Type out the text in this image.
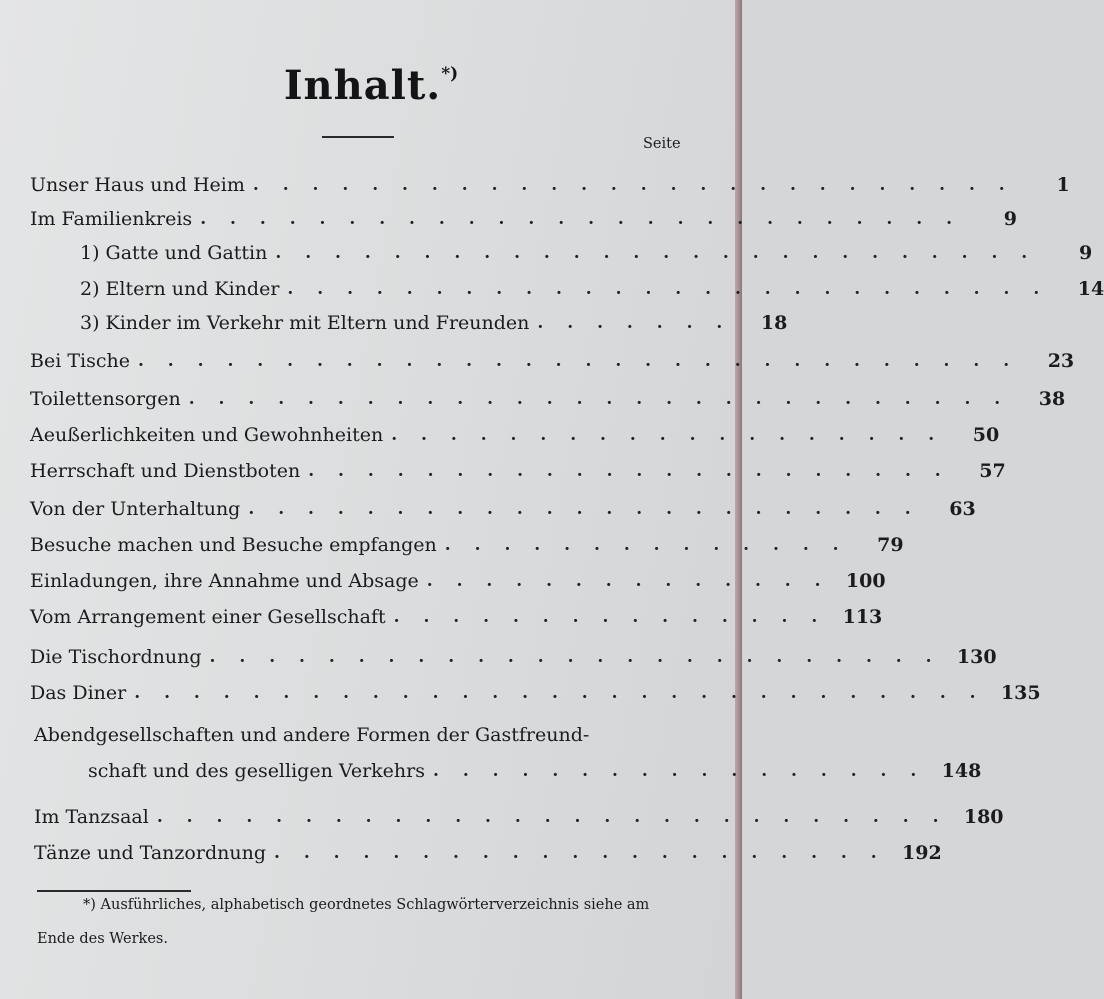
Inhalt.*)
Seite
Unser Haus und Heim . . . . . . . . . . . . . . . . . . . . . . . . . .	1
Im Familienkreis . . . . . . . . . . . . . . . . . . . . . . . . . .	9
1) Gatte und Gattin . . . . . . . . . . . . . . . . . . . . . . . . . .	9
2) Eltern und Kinder . . . . . . . . . . . . . . . . . . . . . . . . . .	14
3) Kinder im Verkehr mit Eltern und Freunden . . . . . . .	18
Bei Tische . . . . . . . . . . . . . . . . . . . . . . . . . . . . . .	23
Toilettensorgen . . . . . . . . . . . . . . . . . . . . . . . . . . . .	38
Aeußerlichkeiten und Gewohnheiten . . . . . . . . . . . . . . . . . . .	50
Herrschaft und Dienstboten . . . . . . . . . . . . . . . . . . . . . .	57
Von der Unterhaltung . . . . . . . . . . . . . . . . . . . . . . .	63
Besuche machen und Besuche empfangen . . . . . . . . . . . . . .	79
Einladungen, ihre Annahme und Absage . . . . . . . . . . . . . . 100
Vom Arrangement einer Gesellschaft . . . . . . . . . . . . . . . 113
Die Tischordnung . . . . . . . . . . . . . . . . . . . . . . . . . 130
Das Diner . . . . . . . . . . . . . . . . . . . . . . . . . . . . . 135
Abendgesellschaften und andere Formen der Gastfreund-
schaft und des geselligen Verkehrs . . . . . . . . . . . . . . . . . 148
Im Tanzsaal . . . . . . . . . . . . . . . . . . . . . . . . . . . 180
Tänze und Tanzordnung . . . . . . . . . . . . . . . . . . . . . 192
*) Ausführliches, alphabetisch geordnetes Schlagwörterverzeichnis siehe am
Ende des Werkes.
